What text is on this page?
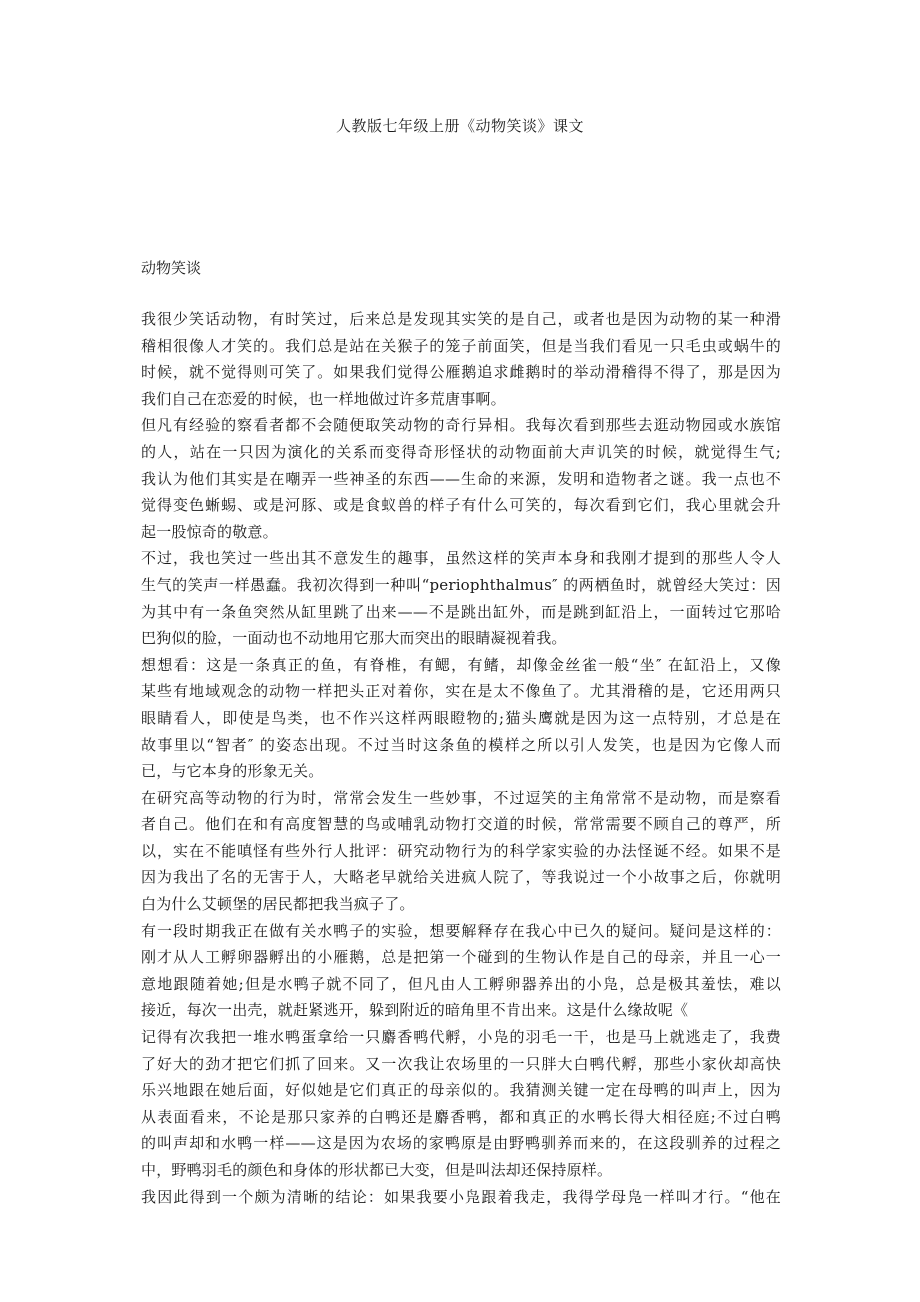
人教版七年级上册《动物笑谈》课文
动物笑谈
我很少笑话动物，有时笑过，后来总是发现其实笑的是自己，或者也是因为动物的某一种滑
稽相很像人才笑的。我们总是站在关猴子的笼子前面笑，但是当我们看见一只毛虫或蜗牛的
时候，就不觉得则可笑了。如果我们觉得公雁鹅追求雌鹅时的举动滑稽得不得了，那是因为
我们自己在恋爱的时候，也一样地做过许多荒唐事啊。
但凡有经验的察看者都不会随便取笑动物的奇行异相。我每次看到那些去逛动物园或水族馆
的人，站在一只因为演化的关系而变得奇形怪状的动物面前大声讥笑的时候，就觉得生气;
我认为他们其实是在嘲弄一些神圣的东西——生命的来源，发明和造物者之谜。我一点也不
觉得变色蜥蜴、或是河豚、或是食蚁兽的样子有什么可笑的，每次看到它们，我心里就会升
起一股惊奇的敬意。
不过，我也笑过一些出其不意发生的趣事，虽然这样的笑声本身和我刚才提到的那些人令人
生气的笑声一样愚蠢。我初次得到一种叫“periophthalmus″ 的两栖鱼时，就曾经大笑过：因
为其中有一条鱼突然从缸里跳了出来——不是跳出缸外，而是跳到缸沿上，一面转过它那哈
巴狗似的脸，一面动也不动地用它那大而突出的眼睛凝视着我。
想想看：这是一条真正的鱼，有脊椎，有鳃，有鳍，却像金丝雀一般“坐″ 在缸沿上，又像
某些有地域观念的动物一样把头正对着你，实在是太不像鱼了。尤其滑稽的是，它还用两只
眼睛看人，即使是鸟类，也不作兴这样两眼瞪物的;猫头鹰就是因为这一点特别，才总是在
故事里以“智者″ 的姿态出现。不过当时这条鱼的模样之所以引人发笑，也是因为它像人而
已，与它本身的形象无关。
在研究高等动物的行为时，常常会发生一些妙事，不过逗笑的主角常常不是动物，而是察看
者自己。他们在和有高度智慧的鸟或哺乳动物打交道的时候，常常需要不顾自己的尊严，所
以，实在不能嗔怪有些外行人批评：研究动物行为的科学家实验的办法怪诞不经。如果不是
因为我出了名的无害于人，大略老早就给关进疯人院了，等我说过一个小故事之后，你就明
白为什么艾顿堡的居民都把我当疯子了。
有一段时期我正在做有关水鸭子的实验，想要解释存在我心中已久的疑问。疑问是这样的：
刚才从人工孵卵器孵出的小雁鹅，总是把第一个碰到的生物认作是自己的母亲，并且一心一
意地跟随着她;但是水鸭子就不同了，但凡由人工孵卵器养出的小凫，总是极其羞怯，难以
接近，每次一出壳，就赶紧逃开，躲到附近的暗角里不肯出来。这是什么缘故呢《
记得有次我把一堆水鸭蛋拿给一只麝香鸭代孵，小凫的羽毛一干，也是马上就逃走了，我费
了好大的劲才把它们抓了回来。又一次我让农场里的一只胖大白鸭代孵，那些小家伙却高快
乐兴地跟在她后面，好似她是它们真正的母亲似的。我猜测关键一定在母鸭的叫声上，因为
从表面看来，不论是那只家养的白鸭还是麝香鸭，都和真正的水鸭长得大相径庭;不过白鸭
的叫声却和水鸭一样——这是因为农场的家鸭原是由野鸭驯养而来的，在这段驯养的过程之
中，野鸭羽毛的颜色和身体的形状都已大变，但是叫法却还保持原样。
我因此得到一个颇为清晰的结论：如果我要小凫跟着我走，我得学母凫一样叫才行。“他在
